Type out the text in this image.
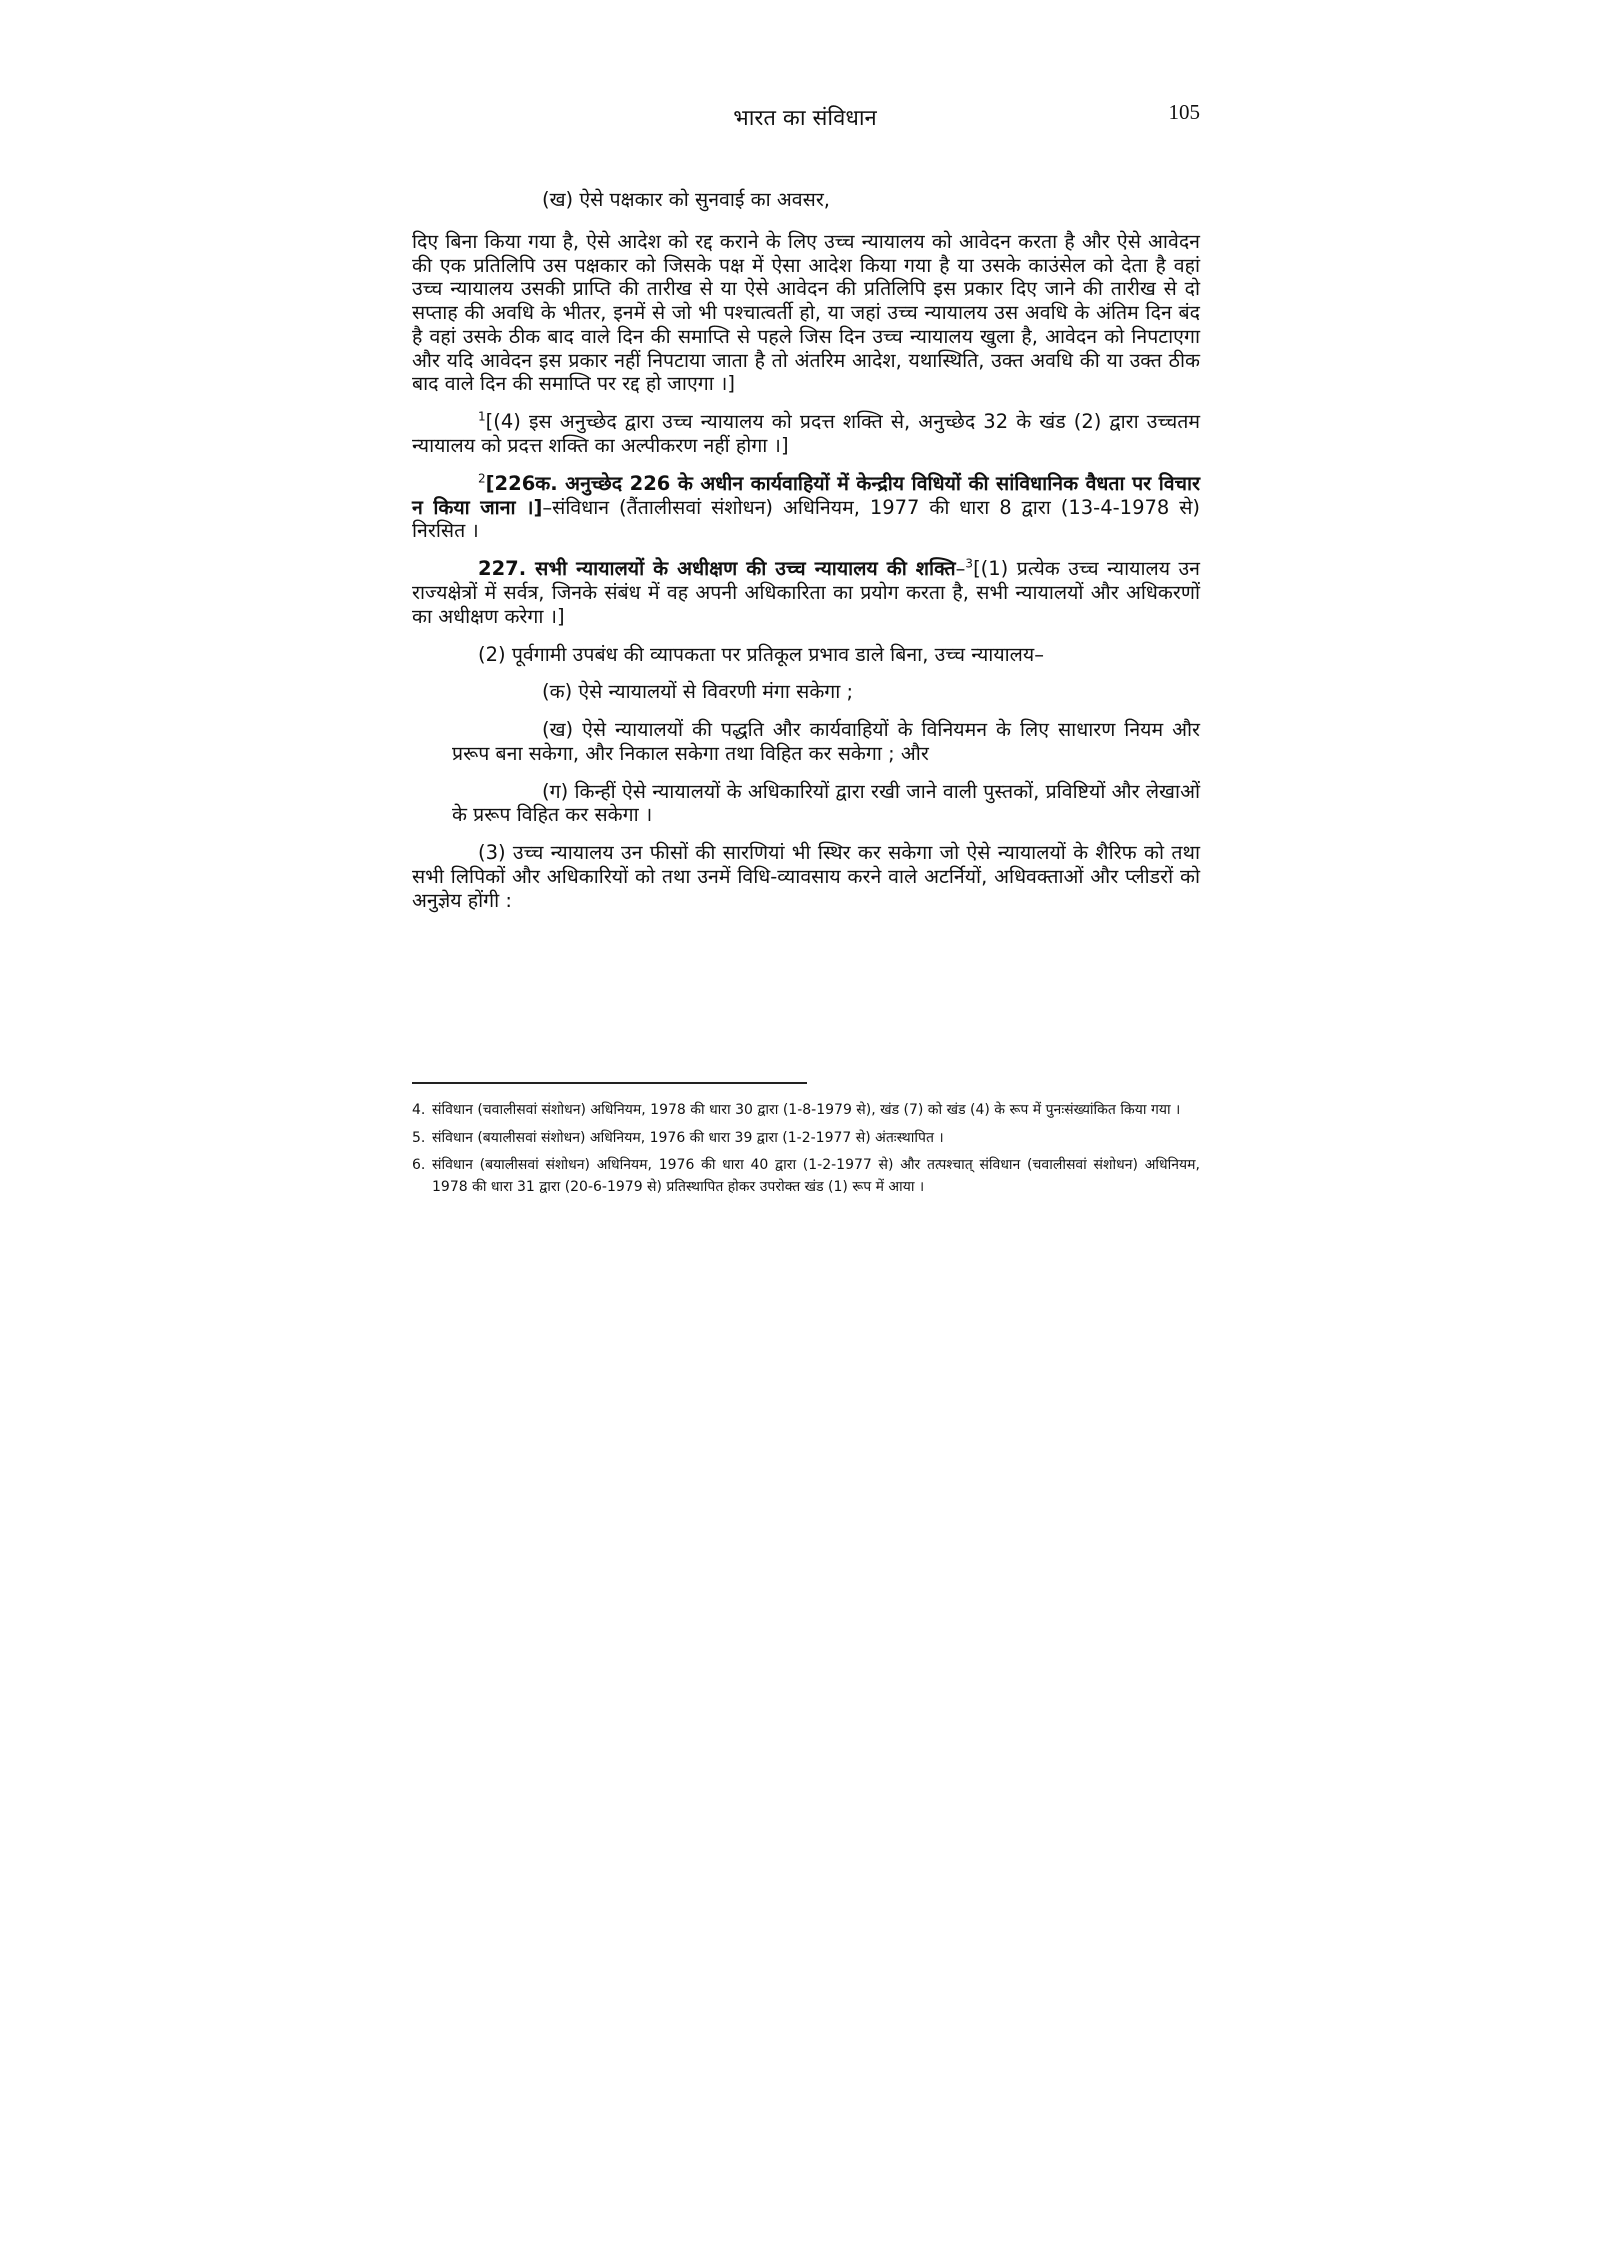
भारत का संविधान	105

(ख) ऐसे पक्षकार को सुनवाई का अवसर,

दिए बिना किया गया है, ऐसे आदेश को रद्द कराने के लिए उच्च न्यायालय को आवेदन करता है और ऐसे आवेदन की एक प्रतिलिपि उस पक्षकार को जिसके पक्ष में ऐसा आदेश किया गया है या उसके काउंसेल को देता है वहां उच्च न्यायालय उसकी प्राप्ति की तारीख से या ऐसे आवेदन की प्रतिलिपि इस प्रकार दिए जाने की तारीख से दो सप्ताह की अवधि के भीतर, इनमें से जो भी पश्चात्वर्ती हो, या जहां उच्च न्यायालय उस अवधि के अंतिम दिन बंद है वहां उसके ठीक बाद वाले दिन की समाप्ति से पहले जिस दिन उच्च न्यायालय खुला है, आवेदन को निपटाएगा और यदि आवेदन इस प्रकार नहीं निपटाया जाता है तो अंतरिम आदेश, यथास्थिति, उक्त अवधि की या उक्त ठीक बाद वाले दिन की समाप्ति पर रद्द हो जाएगा ।]

$^1$[(4) इस अनुच्छेद द्वारा उच्च न्यायालय को प्रदत्त शक्ति से, अनुच्छेद 32 के खंड (2) द्वारा उच्चतम न्यायालय को प्रदत्त शक्ति का अल्पीकरण नहीं होगा ।]

$^2$[226क. अनुच्छेद 226 के अधीन कार्यवाहियों में केन्द्रीय विधियों की सांविधानिक वैधता पर विचार न किया जाना ।]–संविधान (तैंतालीसवां संशोधन) अधिनियम, 1977 की धारा 8 द्वारा (13-4-1978 से) निरसित ।

227. सभी न्यायालयों के अधीक्षण की उच्च न्यायालय की शक्ति–$^3$[(1) प्रत्येक उच्च न्यायालय उन राज्यक्षेत्रों में सर्वत्र, जिनके संबंध में वह अपनी अधिकारिता का प्रयोग करता है, सभी न्यायालयों और अधिकरणों का अधीक्षण करेगा ।]

(2) पूर्वगामी उपबंध की व्यापकता पर प्रतिकूल प्रभाव डाले बिना, उच्च न्यायालय–

(क) ऐसे न्यायालयों से विवरणी मंगा सकेगा ;

(ख) ऐसे न्यायालयों की पद्धति और कार्यवाहियों के विनियमन के लिए साधारण नियम और प्ररूप बना सकेगा, और निकाल सकेगा तथा विहित कर सकेगा ; और

(ग) किन्हीं ऐसे न्यायालयों के अधिकारियों द्वारा रखी जाने वाली पुस्तकों, प्रविष्टियों और लेखाओं के प्ररूप विहित कर सकेगा ।

(3) उच्च न्यायालय उन फीसों की सारणियां भी स्थिर कर सकेगा जो ऐसे न्यायालयों के शैरिफ को तथा सभी लिपिकों और अधिकारियों को तथा उनमें विधि-व्यावसाय करने वाले अटर्नियों, अधिवक्ताओं और प्लीडरों को अनुज्ञेय होंगी :

4. संविधान (चवालीसवां संशोधन) अधिनियम, 1978 की धारा 30 द्वारा (1-8-1979 से), खंड (7) को खंड (4) के रूप में पुनःसंख्यांकित किया गया ।

5. संविधान (बयालीसवां संशोधन) अधिनियम, 1976 की धारा 39 द्वारा (1-2-1977 से) अंतःस्थापित ।

6. संविधान (बयालीसवां संशोधन) अधिनियम, 1976 की धारा 40 द्वारा (1-2-1977 से) और तत्पश्चात् संविधान (चवालीसवां संशोधन) अधिनियम, 1978 की धारा 31 द्वारा (20-6-1979 से) प्रतिस्थापित होकर उपरोक्त खंड (1) रूप में आया ।
